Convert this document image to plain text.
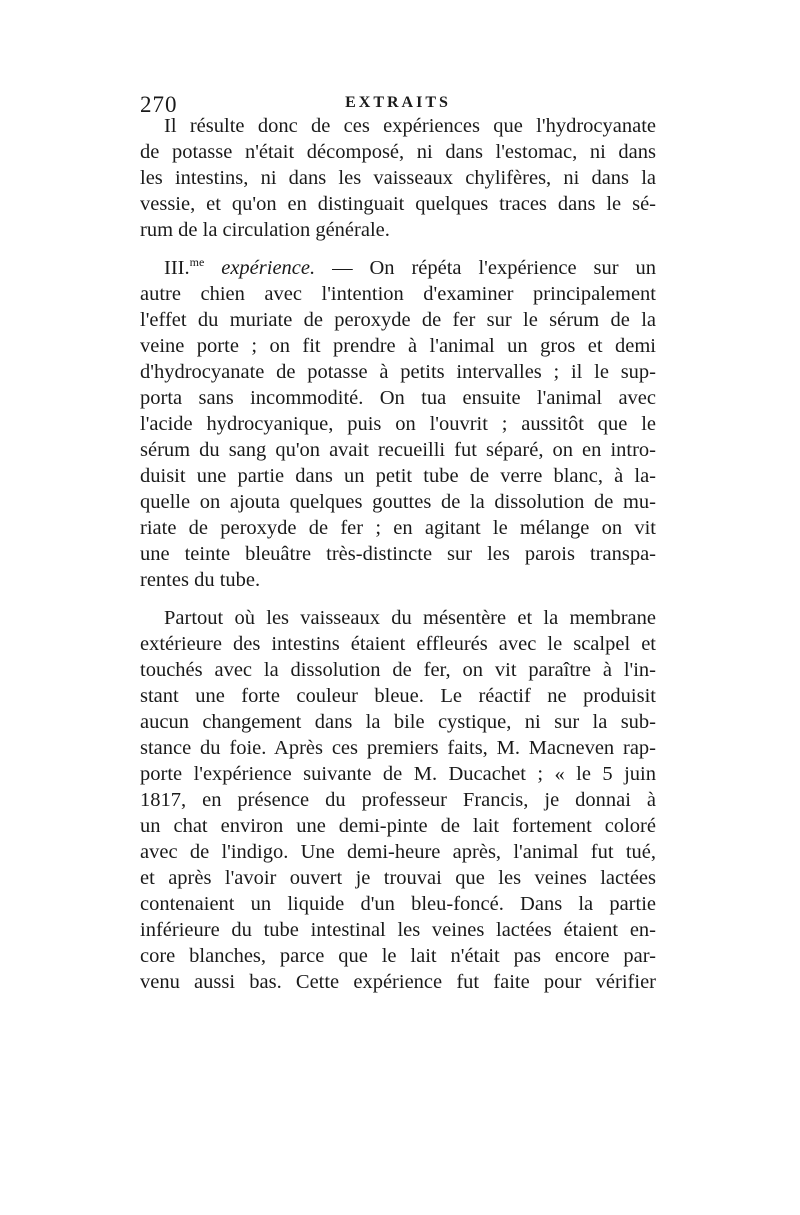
270	EXTRAITS
Il résulte donc de ces expériences que l'hydrocyanate
de potasse n'était décomposé, ni dans l'estomac, ni dans
les intestins, ni dans les vaisseaux chylifères, ni dans la
vessie, et qu'on en distinguait quelques traces dans le sé-
rum de la circulation générale.
III.$^{me}$ expérience. — On répéta l'expérience sur un
autre chien avec l'intention d'examiner principalement
l'effet du muriate de peroxyde de fer sur le sérum de la
veine porte ; on fit prendre à l'animal un gros et demi
d'hydrocyanate de potasse à petits intervalles ; il le sup-
porta sans incommodité. On tua ensuite l'animal avec
l'acide hydrocyanique, puis on l'ouvrit ; aussitôt que le
sérum du sang qu'on avait recueilli fut séparé, on en intro-
duisit une partie dans un petit tube de verre blanc, à la-
quelle on ajouta quelques gouttes de la dissolution de mu-
riate de peroxyde de fer ; en agitant le mélange on vit
une teinte bleuâtre très-distincte sur les parois transpa-
rentes du tube.
Partout où les vaisseaux du mésentère et la membrane
extérieure des intestins étaient effleurés avec le scalpel et
touchés avec la dissolution de fer, on vit paraître à l'in-
stant une forte couleur bleue. Le réactif ne produisit
aucun changement dans la bile cystique, ni sur la sub-
stance du foie. Après ces premiers faits, M. Macneven rap-
porte l'expérience suivante de M. Ducachet ; « le 5 juin
1817, en présence du professeur Francis, je donnai à
un chat environ une demi-pinte de lait fortement coloré
avec de l'indigo. Une demi-heure après, l'animal fut tué,
et après l'avoir ouvert je trouvai que les veines lactées
contenaient un liquide d'un bleu-foncé. Dans la partie
inférieure du tube intestinal les veines lactées étaient en-
core blanches, parce que le lait n'était pas encore par-
venu aussi bas. Cette expérience fut faite pour vérifier
